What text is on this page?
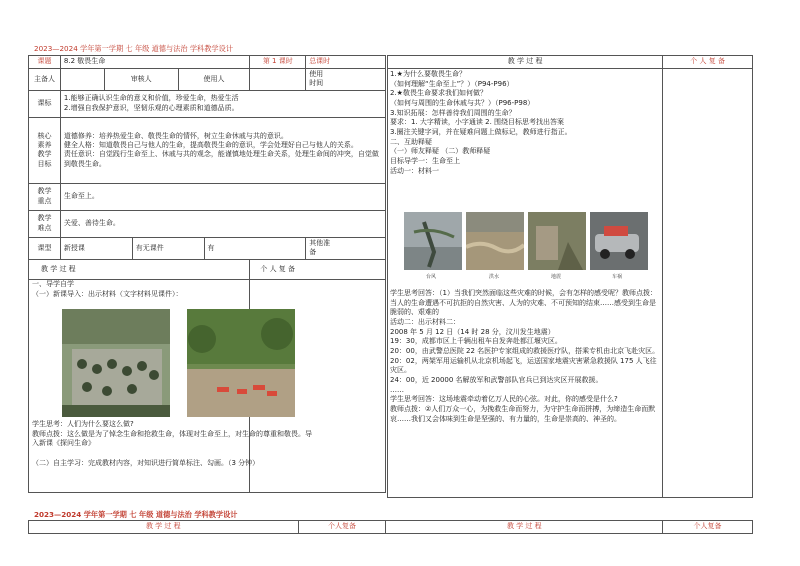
2023—2024 学年第一学期 七 年级 道德与法治 学科教学设计
2023—2024 学年第一学期 七 年级 道德与法治 学科教学设计
课题	8.2 敬畏生命					第 1 课时	总课时
主备人		审核人		使用人			使用
时间
课标	1.能够正确认识生命的意义和价值，珍爱生命，热爱生活
2.增强自我保护意识，坚韧乐观的心理素质和道德品质。						
核心
素养
教学
目标	道德修养：培养热爱生命、敬畏生命的情怀，树立生命休戚与共的意识。
健全人格：知道敬畏自己与他人的生命，提高敬畏生命的意识，学会处理好自己与他人的关系。
责任意识：自觉践行生命至上、休戚与共的观念，能谨慎地处理生命关系，处理生命间的冲突，自觉做到敬畏生命。						
教学
重点	生命至上。						
教学
难点	关爱、善待生命。						
课型	新授课		有无课件		有		其他准
备
教 学 过 程						个 人 复 备	

一、导学自学
（一）新课导入：出示材料（文字材料见课件）：
学生思考：人们为什么要这么做?
教师点拨：这么做是为了悼念生命和抢救生命，体现对生命至上，对生命的尊重和敬畏。导入新课《探问生命》

（二）自主学习：完成教材内容，对知识进行简单标注、勾画。（3 分钟）
教 学 过 程	个 人 复 备

1.★为什么要敬畏生命？
（如何理解“生命至上”？）（P94-P96）
2.★敬畏生命要求我们如何做？
（如何与周围的生命休戚与共？）（P96-P98）
3.知识拓展：怎样善待我们周围的生命？
要求：1. 大字精读，小字通读 2. 围绕目标思考找出答案
3.圈注关键字词，并在疑难问题上做标记，教师进行指正。
二、互助释疑
（一）师友释疑 （二）教师释疑
目标导学一：生命至上
活动一：材料一
台风	洪水	地震	车祸
学生思考回答：（1）当我们突然面临这些灾难的时候，会有怎样的感受呢？教师点拨：当人的生命遭遇不可抗拒的自然灾害、人为的灾难、不可预知的结束……感受到生命是脆弱的、艰难的
活动二：出示材料二：
2008 年 5 月 12 日（14 时 28 分，汶川发生地震）
19：30，成都市区上千辆出租车自发奔赴都江堰灾区。
20：00，由武警总医院 22 名医护专家组成的救援医疗队，搭乘专机由北京飞赴灾区。
20：02，两架军用运输机从北京机场起飞，运送国家地震灾害紧急救援队 175 人飞往灾区。
24：00，近 20000 名解放军和武警部队官兵已到达灾区开展救援。
……
学生思考回答：这场地震牵动着亿万人民的心弦。对此，你的感受是什么?
教师点拨：②人们万众一心，为挽救生命而努力，为守护生命而拼搏，为缔造生命而默哀……我们又会体味到生命是坚强的、有力量的，生命是崇高的、神圣的。
教 学 过 程	个人复备	教 学 过 程	个人复备
